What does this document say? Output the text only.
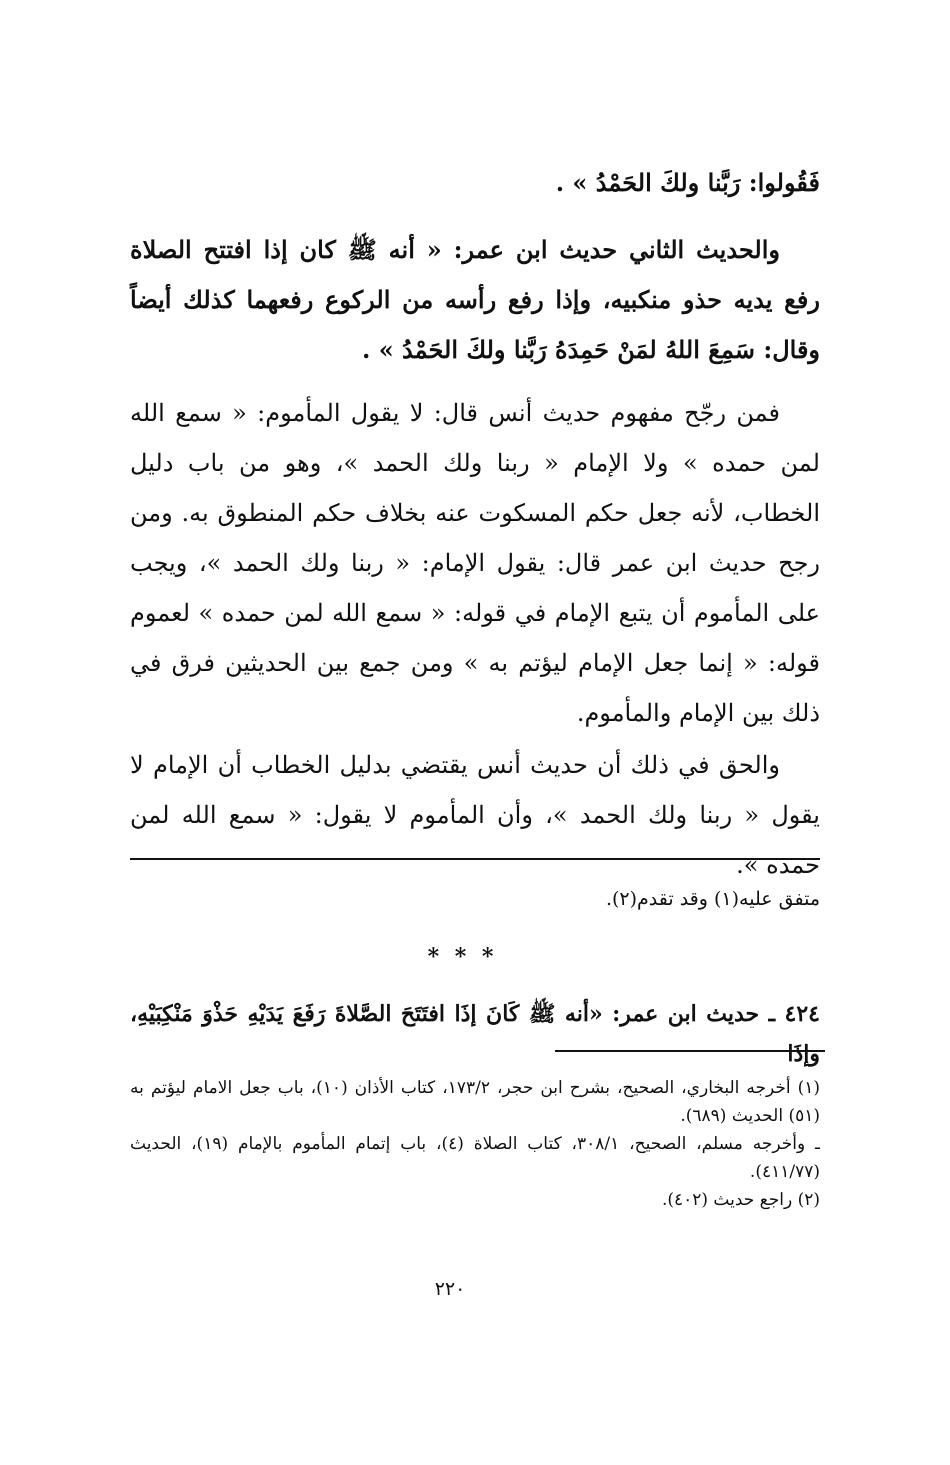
فَقُولوا: رَبَّنا ولكَ الحَمْدُ » .

والحديث الثاني حديث ابن عمر: « أنه ﷺ كان إذا افتتح الصلاة رفع يديه حذو منكبيه، وإذا رفع رأسه من الركوع رفعهما كذلك أيضاً وقال: سَمِعَ اللهُ لمَنْ حَمِدَهُ رَبَّنا ولكَ الحَمْدُ » .

فمن رجّح مفهوم حديث أنس قال: لا يقول المأموم: « سمع الله لمن حمده » ولا الإمام « ربنا ولك الحمد »، وهو من باب دليل الخطاب، لأنه جعل حكم المسكوت عنه بخلاف حكم المنطوق به. ومن رجح حديث ابن عمر قال: يقول الإمام: « ربنا ولك الحمد »، ويجب على المأموم أن يتبع الإمام في قوله: « سمع الله لمن حمده » لعموم قوله: « إنما جعل الإمام ليؤتم به » ومن جمع بين الحديثين فرق في ذلك بين الإمام والمأموم.

والحق في ذلك أن حديث أنس يقتضي بدليل الخطاب أن الإمام لا يقول « ربنا ولك الحمد »، وأن المأموم لا يقول: « سمع الله لمن حمده ».

متفق عليه(١) وقد تقدم(٢).

* * *

٤٢٤ ـ حديث ابن عمر: «أنه ﷺ كَانَ إذَا افتَتَحَ الصَّلاةَ رَفَعَ يَدَيْهِ حَذْوَ مَنْكِبَيْهِ، وإذَا

(١) أخرجه البخاري، الصحيح، بشرح ابن حجر، ١٧٣/٢، كتاب الأذان (١٠)، باب جعل الامام ليؤتم به (٥١) الحديث (٦٨٩).

ـ وأخرجه مسلم، الصحيح، ٣٠٨/١، كتاب الصلاة (٤)، باب إتمام المأموم بالإمام (١٩)، الحديث (٤١١/٧٧).

(٢) راجع حديث (٤٠٢).

٢٢٠
